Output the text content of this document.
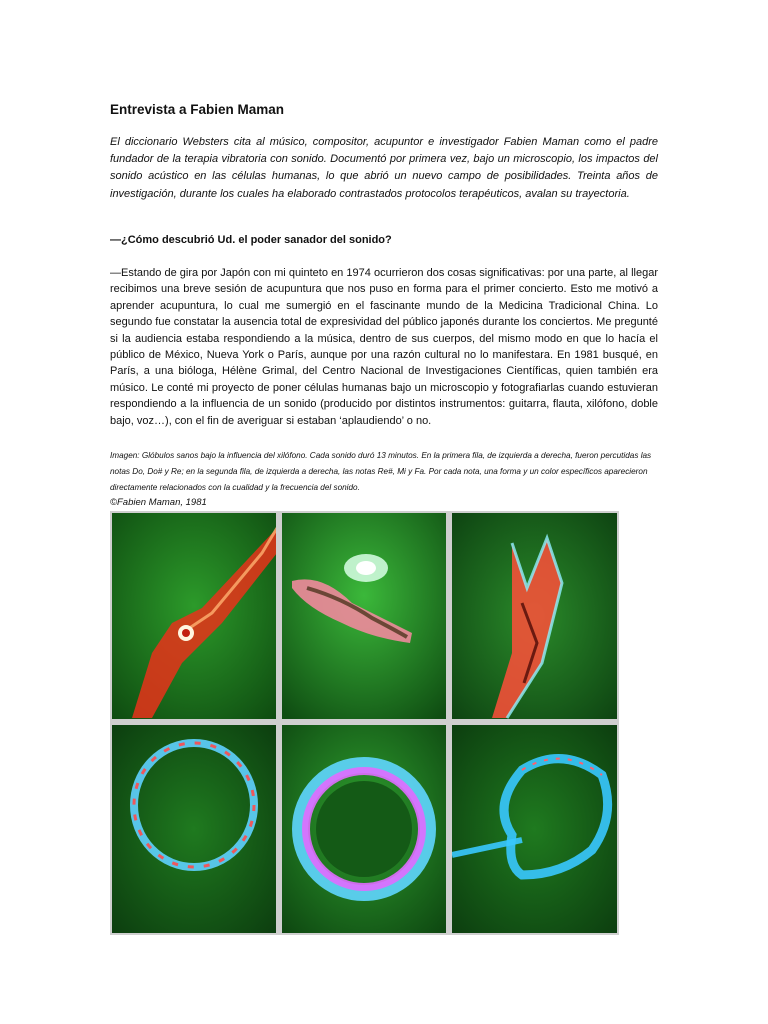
Entrevista a Fabien Maman

El diccionario Websters cita al músico, compositor, acupuntor e investigador Fabien Maman como el padre fundador de la terapia vibratoria con sonido. Documentó por primera vez, bajo un microscopio, los impactos del sonido acústico en las células humanas, lo que abrió un nuevo campo de posibilidades. Treinta años de investigación, durante los cuales ha elaborado contrastados protocolos terapéuticos, avalan su trayectoria.

—¿Cómo descubrió Ud. el poder sanador del sonido?

—Estando de gira por Japón con mi quinteto en 1974 ocurrieron dos cosas significativas: por una parte, al llegar recibimos una breve sesión de acupuntura que nos puso en forma para el primer concierto. Esto me motivó a aprender acupuntura, lo cual me sumergió en el fascinante mundo de la Medicina Tradicional China. Lo segundo fue constatar la ausencia total de expresividad del público japonés durante los conciertos. Me pregunté si la audiencia estaba respondiendo a la música, dentro de sus cuerpos, del mismo modo en que lo hacía el público de México, Nueva York o París, aunque por una razón cultural no lo manifestara. En 1981 busqué, en París, a una bióloga, Hélène Grimal, del Centro Nacional de Investigaciones Científicas, quien también era músico. Le conté mi proyecto de poner células humanas bajo un microscopio y fotografiarlas cuando estuvieran respondiendo a la influencia de un sonido (producido por distintos instrumentos: guitarra, flauta, xilófono, doble bajo, voz…), con el fin de averiguar si estaban ‘aplaudiendo’ o no.

Imagen: Glóbulos sanos bajo la influencia del xilófono. Cada sonido duró 13 minutos. En la primera fila, de izquierda a derecha, fueron percutidas las notas Do, Do# y Re; en la segunda fila, de izquierda a derecha, las notas Re#, Mi y Fa. Por cada nota, una forma y un color específicos aparecieron directamente relacionados con la cualidad y la frecuencia del sonido.

©Fabien Maman, 1981
